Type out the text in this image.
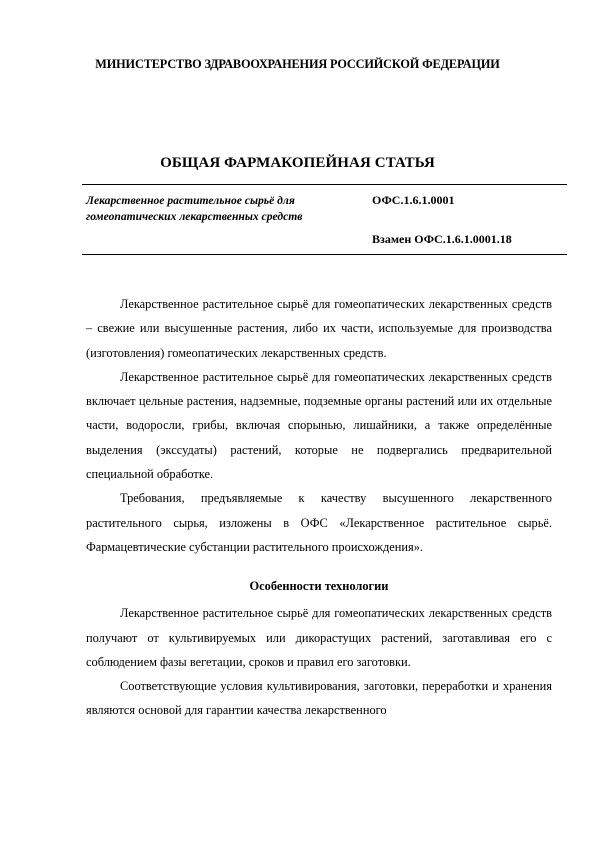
МИНИСТЕРСТВО ЗДРАВООХРАНЕНИЯ РОССИЙСКОЙ ФЕДЕРАЦИИ
ОБЩАЯ ФАРМАКОПЕЙНАЯ СТАТЬЯ
Лекарственное растительное сырьё для гомеопатических лекарственных средств
ОФС.1.6.1.0001
Взамен ОФС.1.6.1.0001.18

Лекарственное растительное сырьё для гомеопатических лекарственных средств – свежие или высушенные растения, либо их части, используемые для производства (изготовления) гомеопатических лекарственных средств.

Лекарственное растительное сырьё для гомеопатических лекарственных средств включает цельные растения, надземные, подземные органы растений или их отдельные части, водоросли, грибы, включая спорынью, лишайники, а также определённые выделения (экссудаты) растений, которые не подвергались предварительной специальной обработке.

Требования, предъявляемые к качеству высушенного лекарственного растительного сырья, изложены в ОФС «Лекарственное растительное сырьё. Фармацевтические субстанции растительного происхождения».

Особенности технологии

Лекарственное растительное сырьё для гомеопатических лекарственных средств получают от культивируемых или дикорастущих растений, заготавливая его с соблюдением фазы вегетации, сроков и правил его заготовки.

Соответствующие условия культивирования, заготовки, переработки и хранения являются основой для гарантии качества лекарственного
